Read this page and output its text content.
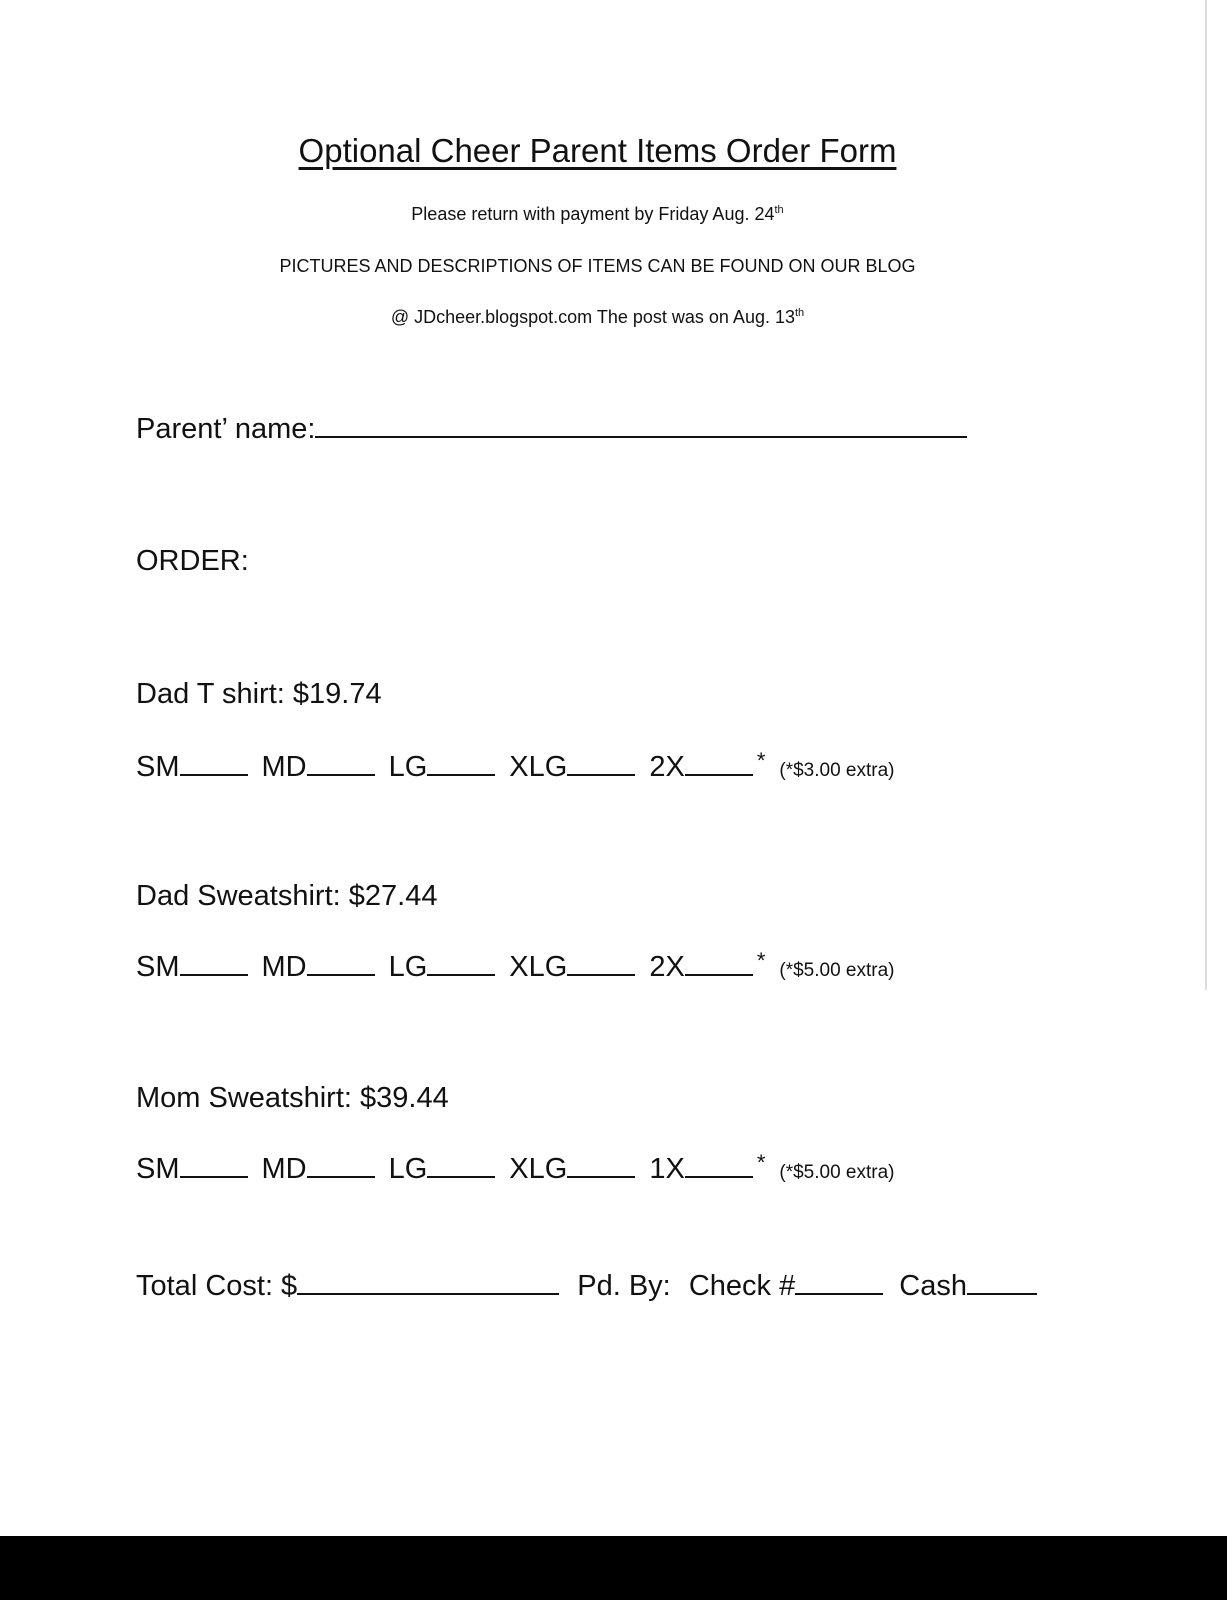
Optional Cheer Parent Items Order Form
Please return with payment by Friday Aug. 24th
PICTURES AND DESCRIPTIONS OF ITEMS CAN BE FOUND ON OUR BLOG
@ JDcheer.blogspot.com The post was on Aug. 13th
Parent’ name:
ORDER:
Total Cost: $	Pd. By: Check #	Cash
Dad T shirt: $19.74
SM	MD	LG	XLG	2X	* (*$3.00 extra)
Dad Sweatshirt: $27.44
SM	MD	LG	XLG	2X	* (*$5.00 extra)
Mom Sweatshirt: $39.44
SM	MD	LG	XLG	1X	* (*$5.00 extra)
